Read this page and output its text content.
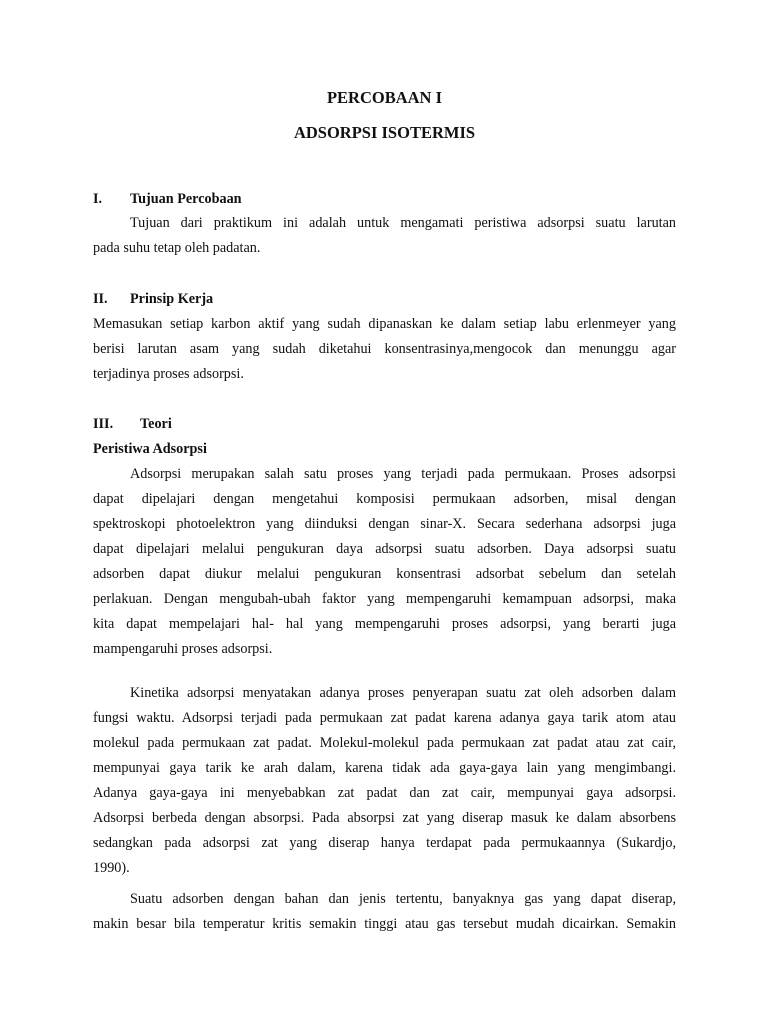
PERCOBAAN I
ADSORPSI ISOTERMIS
I. Tujuan Percobaan
Tujuan dari praktikum ini adalah untuk mengamati peristiwa adsorpsi suatu larutan
pada suhu tetap oleh padatan.
II. Prinsip Kerja
Memasukan setiap karbon aktif yang sudah dipanaskan ke dalam setiap labu erlenmeyer yang
berisi larutan asam yang sudah diketahui konsentrasinya,mengocok dan menunggu agar
terjadinya proses adsorpsi.
III. Teori
Peristiwa Adsorpsi
Adsorpsi merupakan salah satu proses yang terjadi pada permukaan. Proses adsorpsi
dapat dipelajari dengan mengetahui komposisi permukaan adsorben, misal dengan
spektroskopi photoelektron yang diinduksi dengan sinar-X. Secara sederhana adsorpsi juga
dapat dipelajari melalui pengukuran daya adsorpsi suatu adsorben. Daya adsorpsi suatu
adsorben dapat diukur melalui pengukuran konsentrasi adsorbat sebelum dan setelah
perlakuan. Dengan mengubah-ubah faktor yang mempengaruhi kemampuan adsorpsi, maka
kita dapat mempelajari hal- hal yang mempengaruhi proses adsorpsi, yang berarti juga
mampengaruhi proses adsorpsi.
Kinetika adsorpsi menyatakan adanya proses penyerapan suatu zat oleh adsorben dalam
fungsi waktu. Adsorpsi terjadi pada permukaan zat padat karena adanya gaya tarik atom atau
molekul pada permukaan zat padat. Molekul-molekul pada permukaan zat padat atau zat cair,
mempunyai gaya tarik ke arah dalam, karena tidak ada gaya-gaya lain yang mengimbangi.
Adanya gaya-gaya ini menyebabkan zat padat dan zat cair, mempunyai gaya adsorpsi.
Adsorpsi berbeda dengan absorpsi. Pada absorpsi zat yang diserap masuk ke dalam absorbens
sedangkan pada adsorpsi zat yang diserap hanya terdapat pada permukaannya (Sukardjo,
1990).
Suatu adsorben dengan bahan dan jenis tertentu, banyaknya gas yang dapat diserap,
makin besar bila temperatur kritis semakin tinggi atau gas tersebut mudah dicairkan. Semakin
